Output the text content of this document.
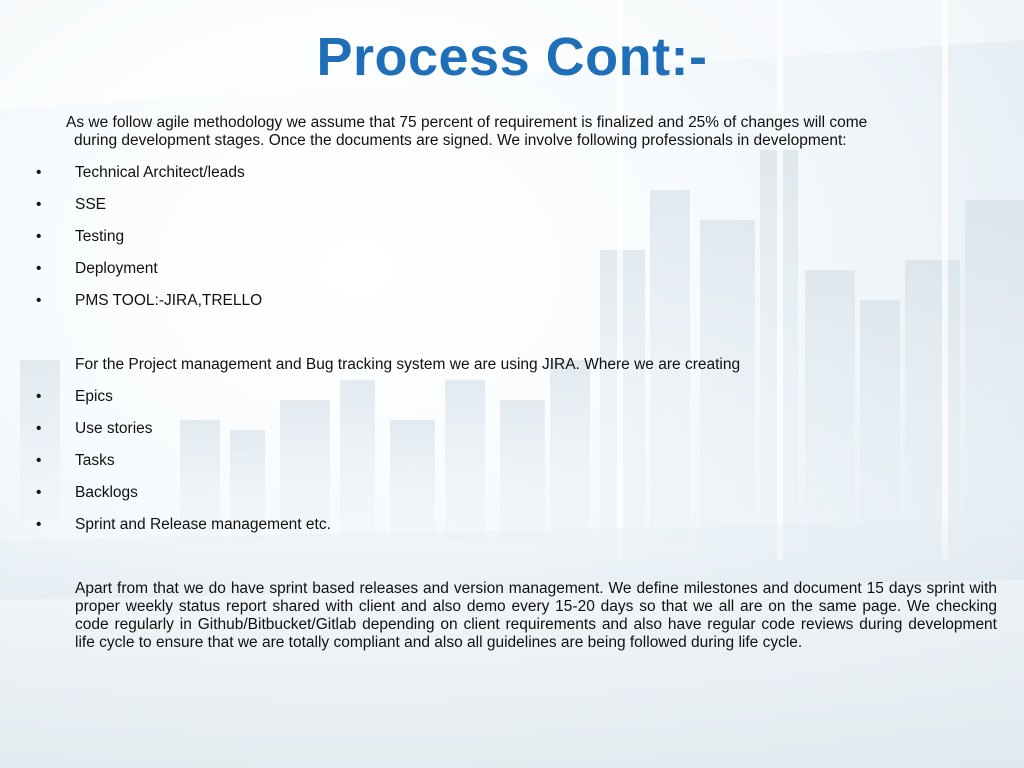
Process Cont:-
As we follow agile methodology we assume that 75 percent of requirement is finalized and 25% of changes will come
during development stages. Once the documents are signed. We involve following professionals in development:
• Technical Architect/leads
• SSE
• Testing
• Deployment
• PMS TOOL:-JIRA,TRELLO
For the Project management and Bug tracking system we are using JIRA. Where we are creating
• Epics
• Use stories
• Tasks
• Backlogs
• Sprint and Release management etc.
Apart from that we do have sprint based releases and version management. We define milestones and document 15 days sprint with proper weekly status report shared with client and also demo every 15-20 days so that we all are on the same page. We checking code regularly in Github/Bitbucket/Gitlab depending on client requirements and also have regular code reviews during development life cycle to ensure that we are totally compliant and also all guidelines are being followed during life cycle.
